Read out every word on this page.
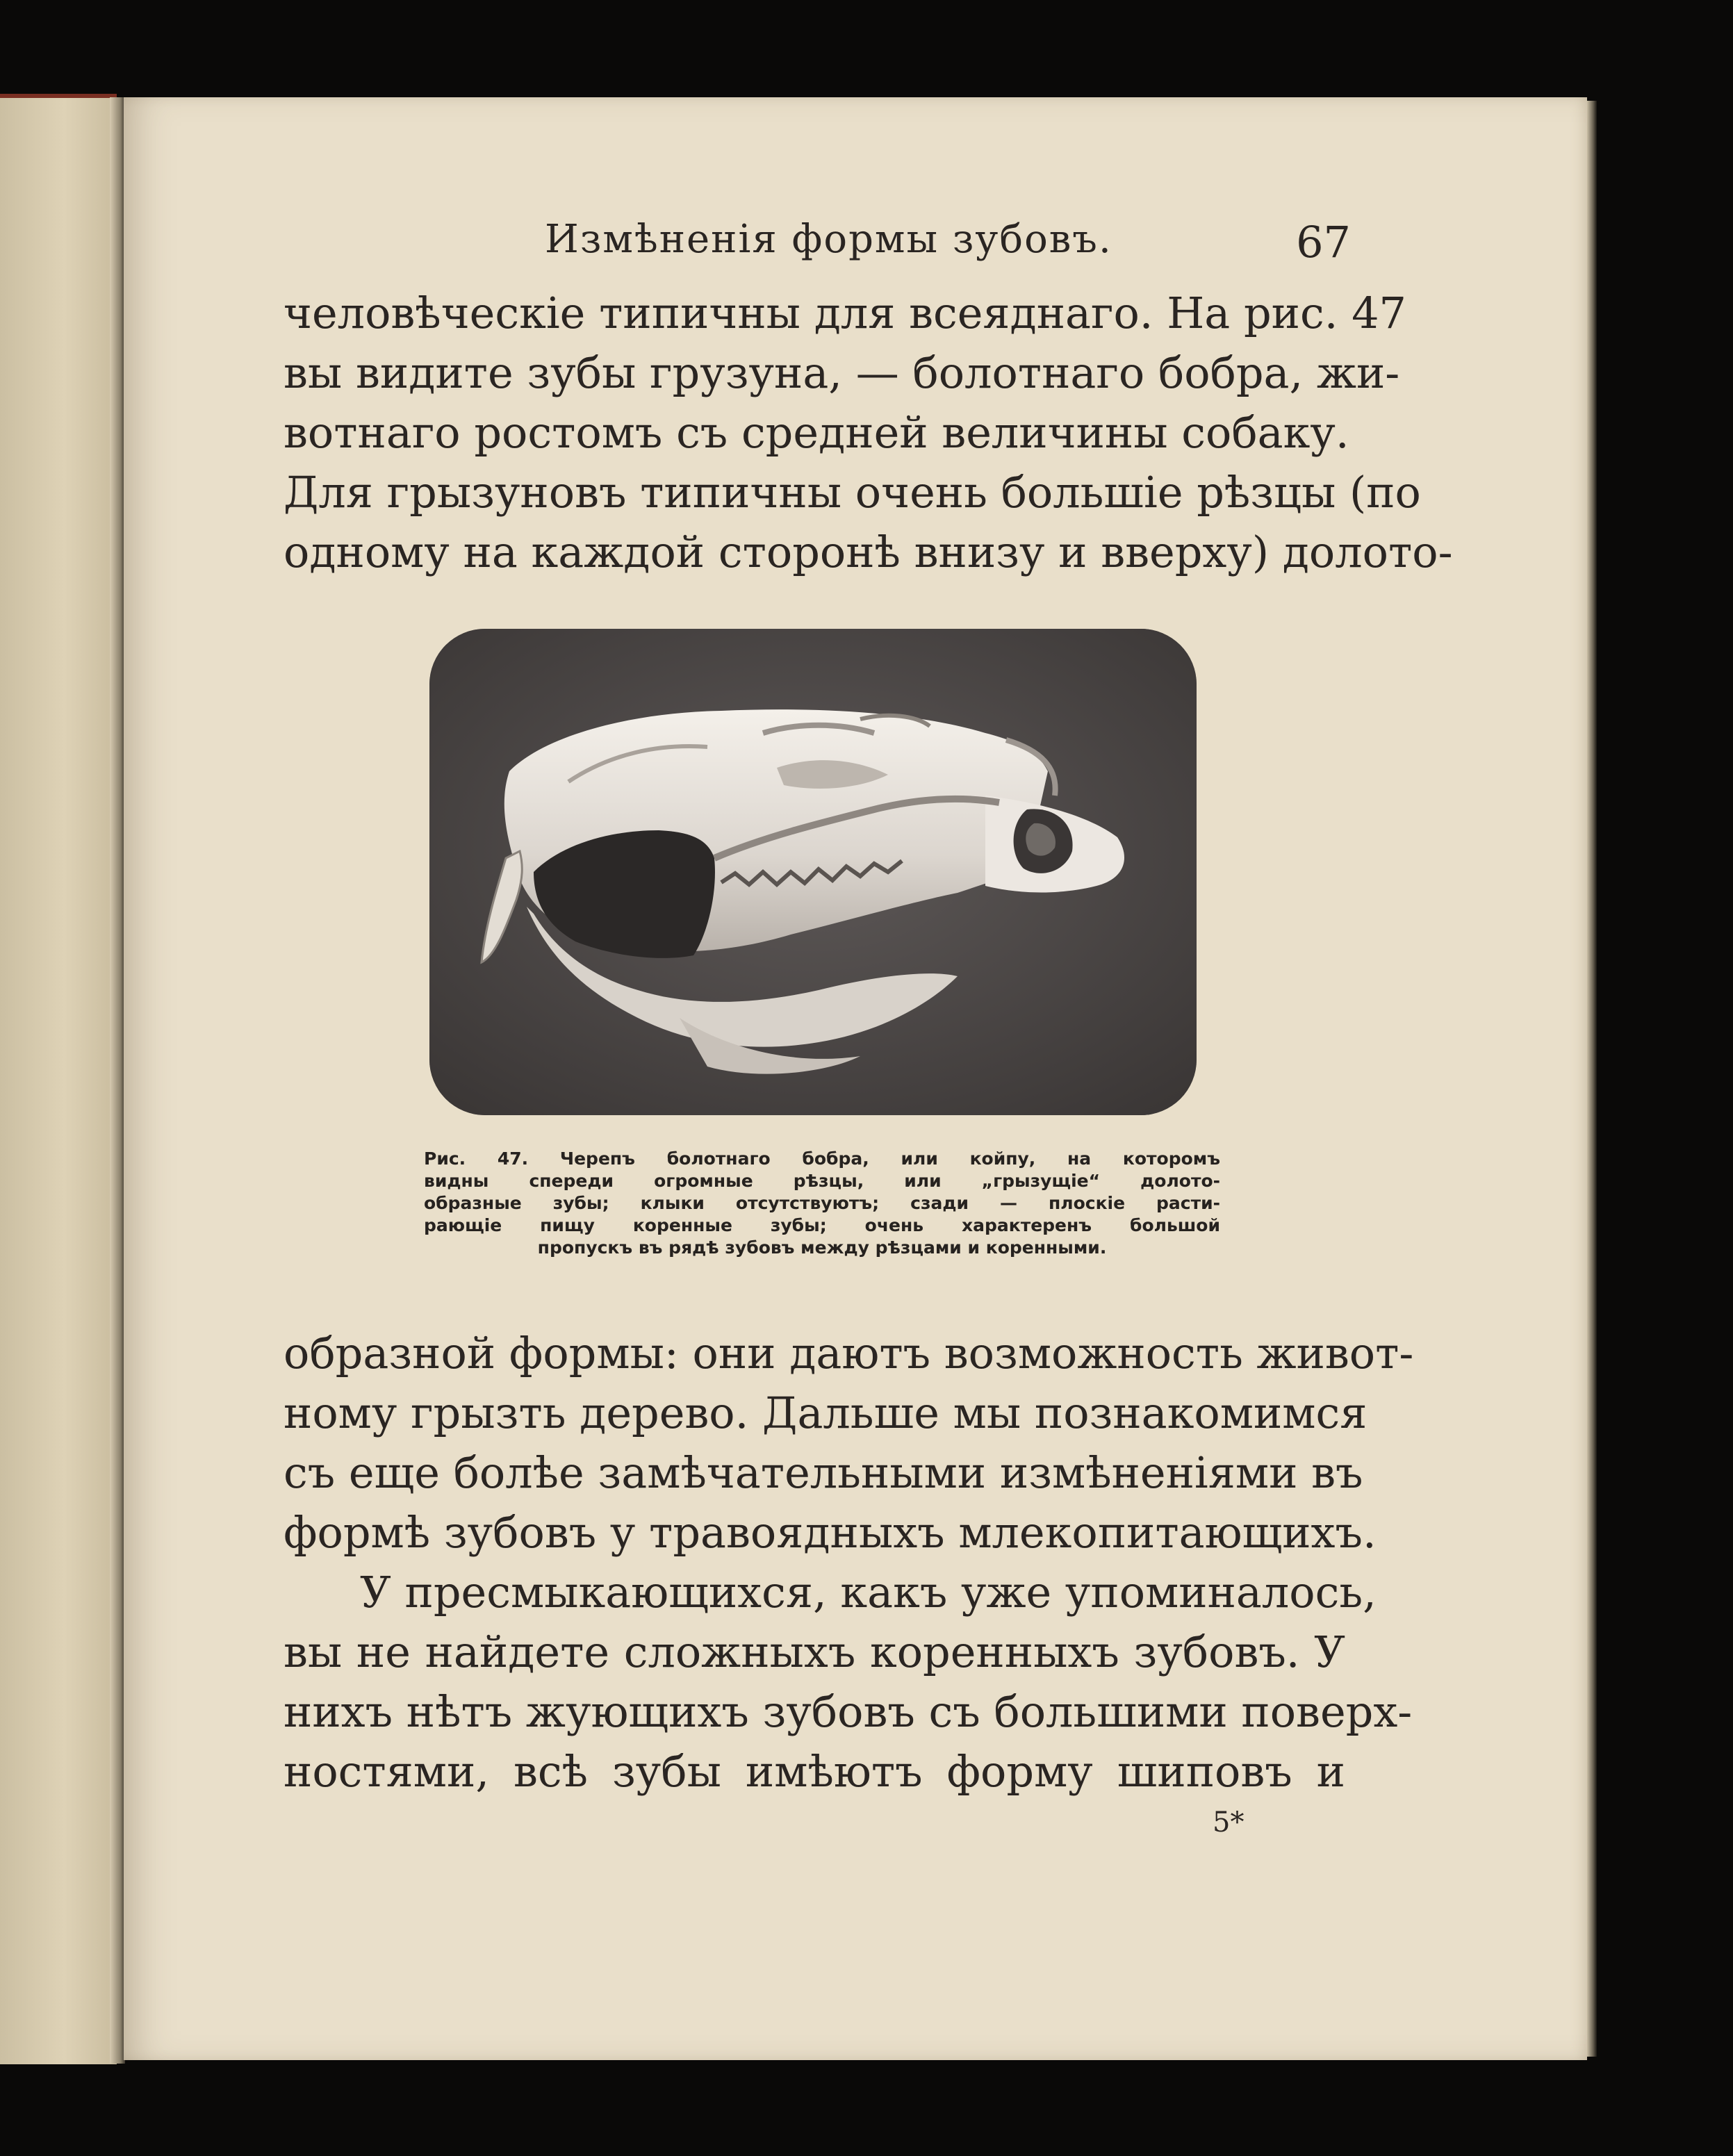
Измѣненія формы зубовъ.	67
человѣческіе типичны для всеяднаго. На рис. 47
вы видите зубы грузуна, — болотнаго бобра, жи-
вотнаго ростомъ съ средней величины собаку.
Для грызуновъ типичны очень большіе рѣзцы (по
одному на каждой сторонѣ внизу и вверху) долото-
Рис. 47. Черепъ болотнаго бобра, или койпу, на которомъ
видны спереди огромные рѣзцы, или „грызущіе“ долото-
образные зубы; клыки отсутствуютъ; сзади — плоскіе расти-
рающіе пищу коренные зубы; очень характеренъ большой
пропускъ въ рядѣ зубовъ между рѣзцами и коренными.
образной формы: они даютъ возможность живот-
ному грызть дерево. Дальше мы познакомимся
съ еще болѣе замѣчательными измѣненіями въ
формѣ зубовъ у травоядныхъ млекопитающихъ.
У пресмыкающихся, какъ уже упоминалось,
вы не найдете сложныхъ коренныхъ зубовъ. У
нихъ нѣтъ жующихъ зубовъ съ большими поверх-
ностями, всѣ зубы имѣютъ форму шиповъ и
5*
